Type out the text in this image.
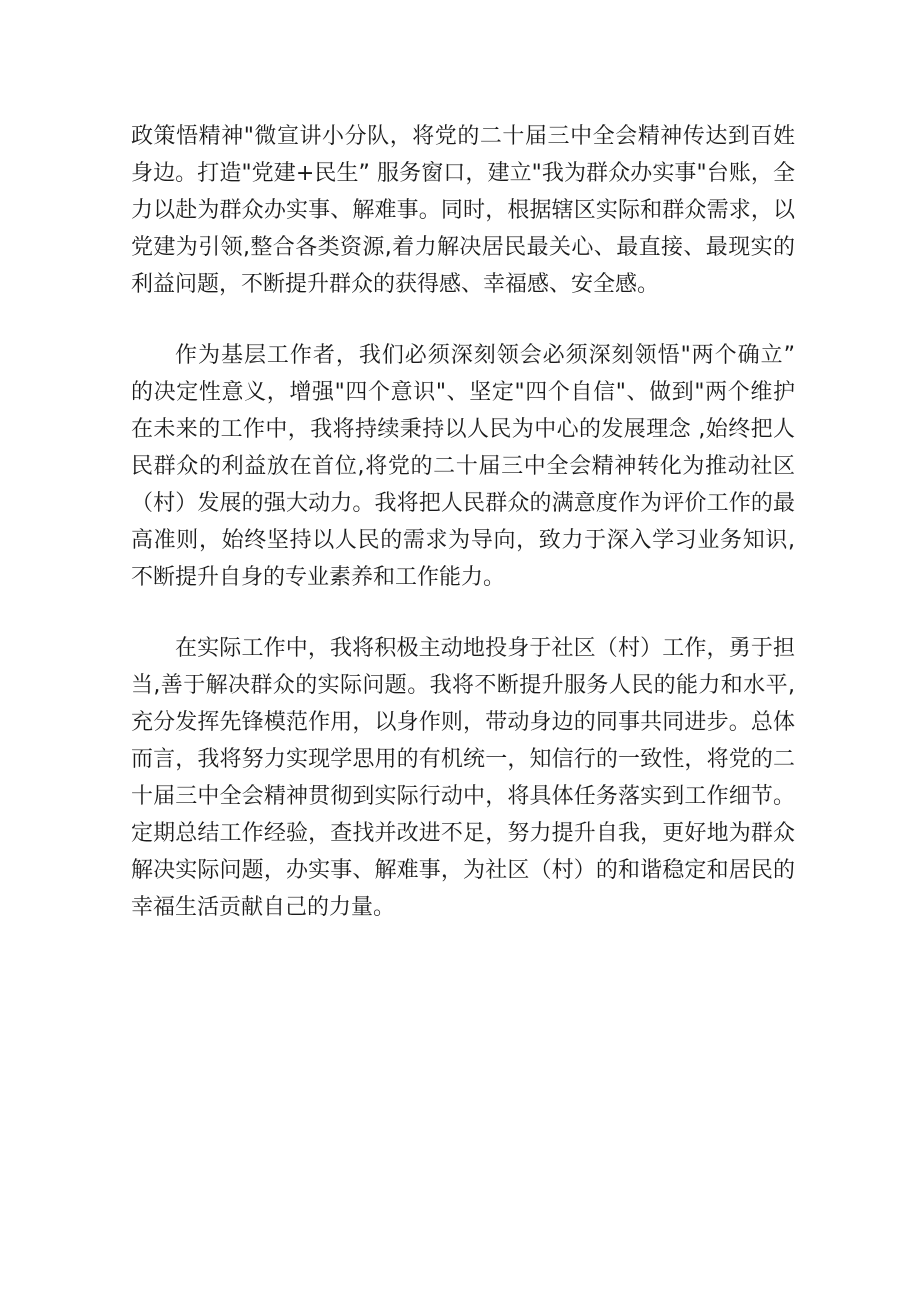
政策悟精神"微宣讲小分队，将党的二十届三中全会精神传达到百姓身边。打造"党建+民生” 服务窗口，建立"我为群众办实事"台账，全力以赴为群众办实事、解难事。同时，根据辖区实际和群众需求，以党建为引领,整合各类资源,着力解决居民最关心、最直接、最现实的利益问题，不断提升群众的获得感、幸福感、安全感。

作为基层工作者，我们必须深刻领会必须深刻领悟"两个确立” 的决定性意义，增强"四个意识"、坚定"四个自信"、做到"两个维护在未来的工作中，我将持续秉持以人民为中心的发展理念 ,始终把人民群众的利益放在首位,将党的二十届三中全会精神转化为推动社区（村）发展的强大动力。我将把人民群众的满意度作为评价工作的最高准则，始终坚持以人民的需求为导向，致力于深入学习业务知识,不断提升自身的专业素养和工作能力。

在实际工作中，我将积极主动地投身于社区（村）工作，勇于担当,善于解决群众的实际问题。我将不断提升服务人民的能力和水平,充分发挥先锋模范作用，以身作则，带动身边的同事共同进步。总体而言，我将努力实现学思用的有机统一，知信行的一致性，将党的二十届三中全会精神贯彻到实际行动中，将具体任务落实到工作细节。定期总结工作经验，查找并改进不足，努力提升自我，更好地为群众解决实际问题，办实事、解难事，为社区（村）的和谐稳定和居民的幸福生活贡献自己的力量。
